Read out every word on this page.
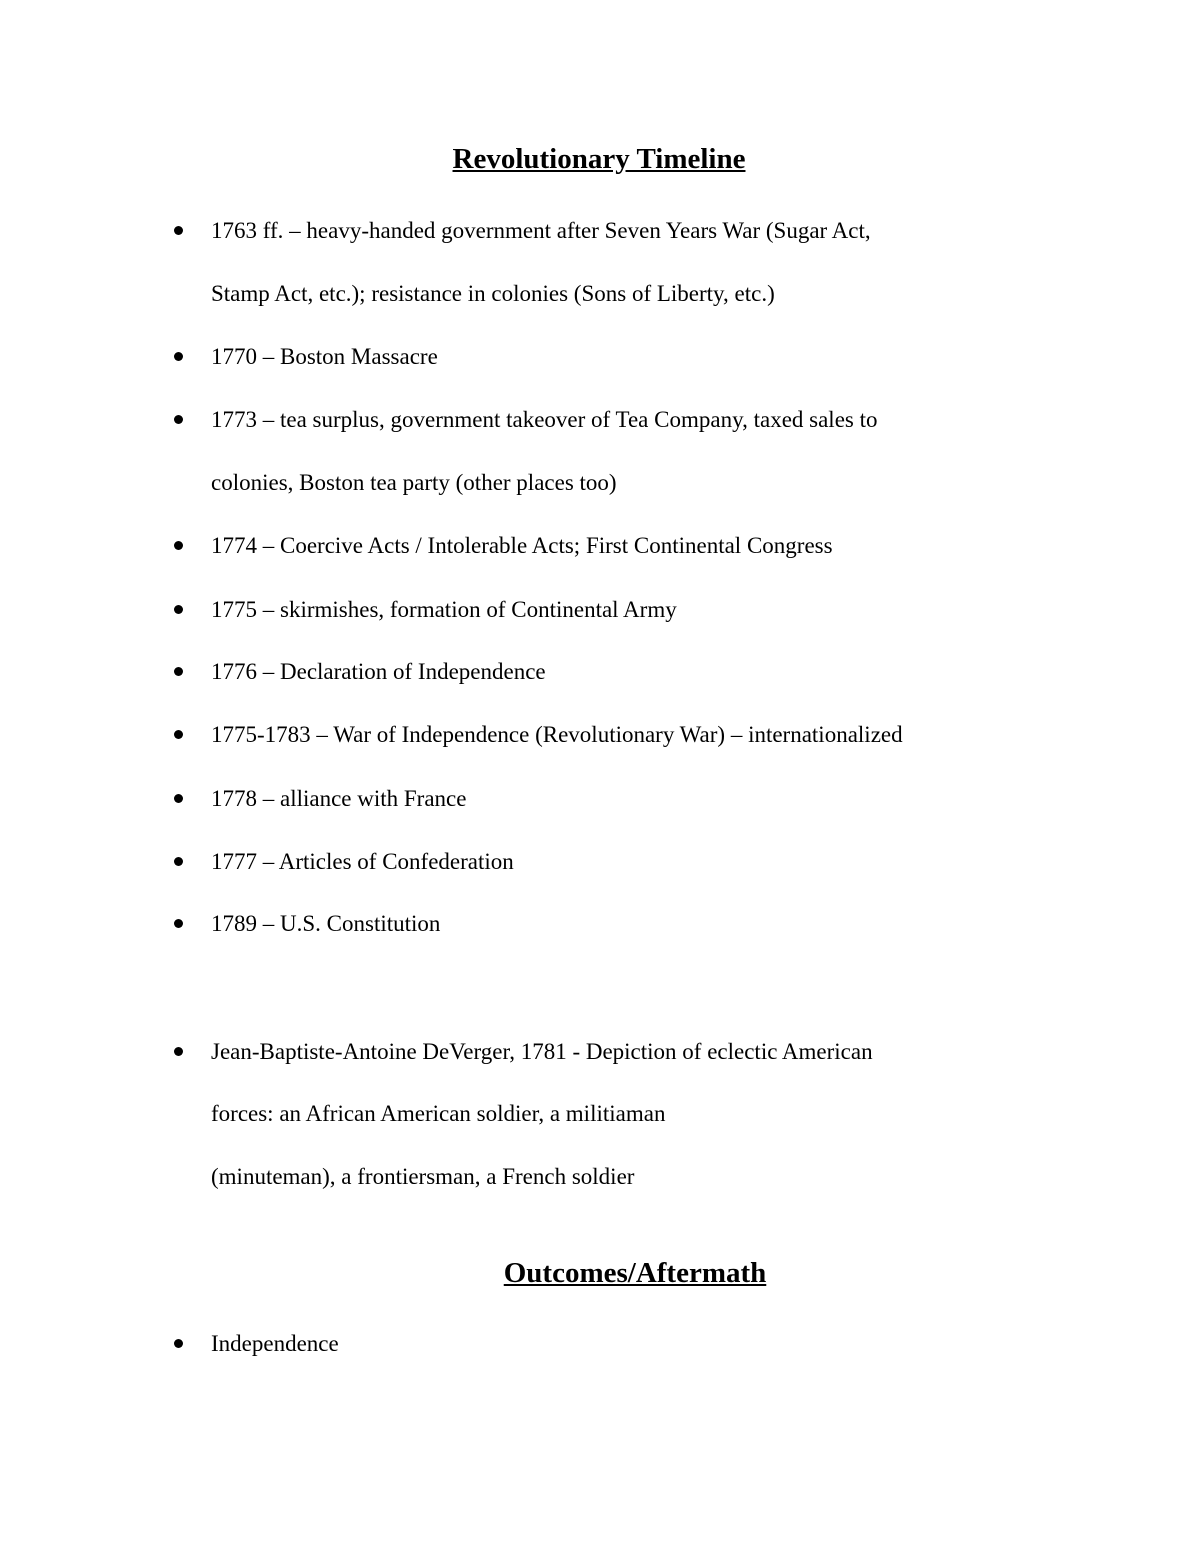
Revolutionary Timeline
1763 ff. – heavy-handed government after Seven Years War (Sugar Act,
Stamp Act, etc.); resistance in colonies (Sons of Liberty, etc.)
1770 – Boston Massacre
1773 – tea surplus, government takeover of Tea Company, taxed sales to
colonies, Boston tea party (other places too)
1774 – Coercive Acts / Intolerable Acts; First Continental Congress
1775 – skirmishes, formation of Continental Army
1776 – Declaration of Independence
1775-1783 – War of Independence (Revolutionary War) – internationalized
1778 – alliance with France
1777 – Articles of Confederation
1789 – U.S. Constitution
Jean-Baptiste-Antoine DeVerger, 1781 - Depiction of eclectic American
forces: an African American soldier, a militiaman
(minuteman), a frontiersman, a French soldier
Outcomes/Aftermath
Independence
